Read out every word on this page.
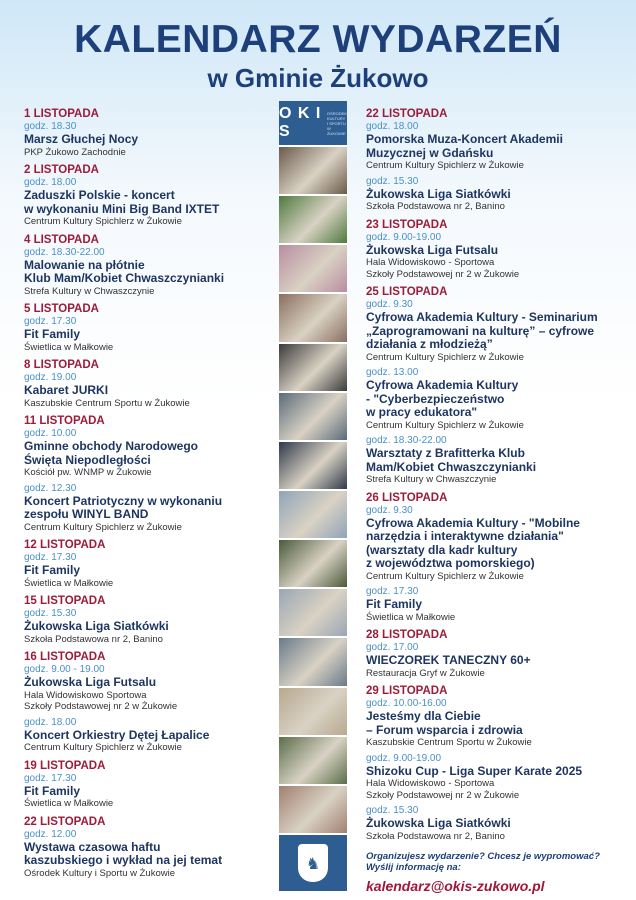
KALENDARZ WYDARZEŃ
w Gminie Żukowo
1 LISTOPADA
godz. 18.30
Marsz Głuchej Nocy
PKP Żukowo Zachodnie
2 LISTOPADA
godz. 18.00
Zaduszki Polskie - koncert
w wykonaniu Mini Big Band IXTET
Centrum Kultury Spichlerz w Żukowie
4 LISTOPADA
godz. 18.30-22.00
Malowanie na płótnie
Klub Mam/Kobiet Chwaszczynianki
Strefa Kultury w Chwaszczynie
5 LISTOPADA
godz. 17.30
Fit Family
Świetlica w Małkowie
8 LISTOPADA
godz. 19.00
Kabaret JURKI
Kaszubskie Centrum Sportu w Żukowie
11 LISTOPADA
godz. 10.00
Gminne obchody Narodowego
Święta Niepodległości
Kościół pw. WNMP w Żukowie
godz. 12.30
Koncert Patriotyczny w wykonaniu
zespołu WINYL BAND
Centrum Kultury Spichlerz w Żukowie
12 LISTOPADA
godz. 17.30
Fit Family
Świetlica w Małkowie
15 LISTOPADA
godz. 15.30
Żukowska Liga Siatkówki
Szkoła Podstawowa nr 2, Banino
16 LISTOPADA
godz. 9.00 - 19.00
Żukowska Liga Futsalu
Hala Widowiskowo Sportowa
Szkoły Podstawowej nr 2 w Żukowie
godz. 18.00
Koncert Orkiestry Dętej Łapalice
Centrum Kultury Spichlerz w Żukowie
19 LISTOPADA
godz. 17.30
Fit Family
Świetlica w Małkowie
22 LISTOPADA
godz. 12.00
Wystawa czasowa haftu
kaszubskiego i wykład na jej temat
Ośrodek Kultury i Sportu w Żukowie
O K I S
OŚRODEK KULTURY I SPORTU W ŻUKOWIE
♞
22 LISTOPADA
godz. 18.00
Pomorska Muza-Koncert Akademii
Muzycznej w Gdańsku
Centrum Kultury Spichlerz w Żukowie
godz. 15.30
Żukowska Liga Siatkówki
Szkoła Podstawowa nr 2, Banino
23 LISTOPADA
godz. 9.00-19.00
Żukowska Liga Futsalu
Hala Widowiskowo - Sportowa
Szkoły Podstawowej nr 2 w Żukowie
25 LISTOPADA
godz. 9.30
Cyfrowa Akademia Kultury - Seminarium
„Zaprogramowani na kulturę” – cyfrowe
działania z młodzieżą”
Centrum Kultury Spichlerz w Żukowie
godz. 13.00
Cyfrowa Akademia Kultury
- "Cyberbezpieczeństwo
w pracy edukatora"
Centrum Kultury Spichlerz w Żukowie
godz. 18.30-22.00
Warsztaty z Brafitterka Klub
Mam/Kobiet Chwaszczynianki
Strefa Kultury w Chwaszczynie
26 LISTOPADA
godz. 9.30
Cyfrowa Akademia Kultury - "Mobilne
narzędzia i interaktywne działania"
(warsztaty dla kadr kultury
z województwa pomorskiego)
Centrum Kultury Spichlerz w Żukowie
godz. 17.30
Fit Family
Świetlica w Małkowie
28 LISTOPADA
godz. 17.00
WIECZOREK TANECZNY 60+
Restauracja Gryf w Żukowie
29 LISTOPADA
godz. 10.00-16.00
Jesteśmy dla Ciebie
– Forum wsparcia i zdrowia
Kaszubskie Centrum Sportu w Żukowie
godz. 9.00-19.00
Shizoku Cup - Liga Super Karate 2025
Hala Widowiskowo - Sportowa
Szkoły Podstawowej nr 2 w Żukowie
godz. 15.30
Żukowska Liga Siatkówki
Szkoła Podstawowa nr 2, Banino
Organizujesz wydarzenie? Chcesz je wypromować?
Wyślij informację na:
kalendarz@okis-zukowo.pl
